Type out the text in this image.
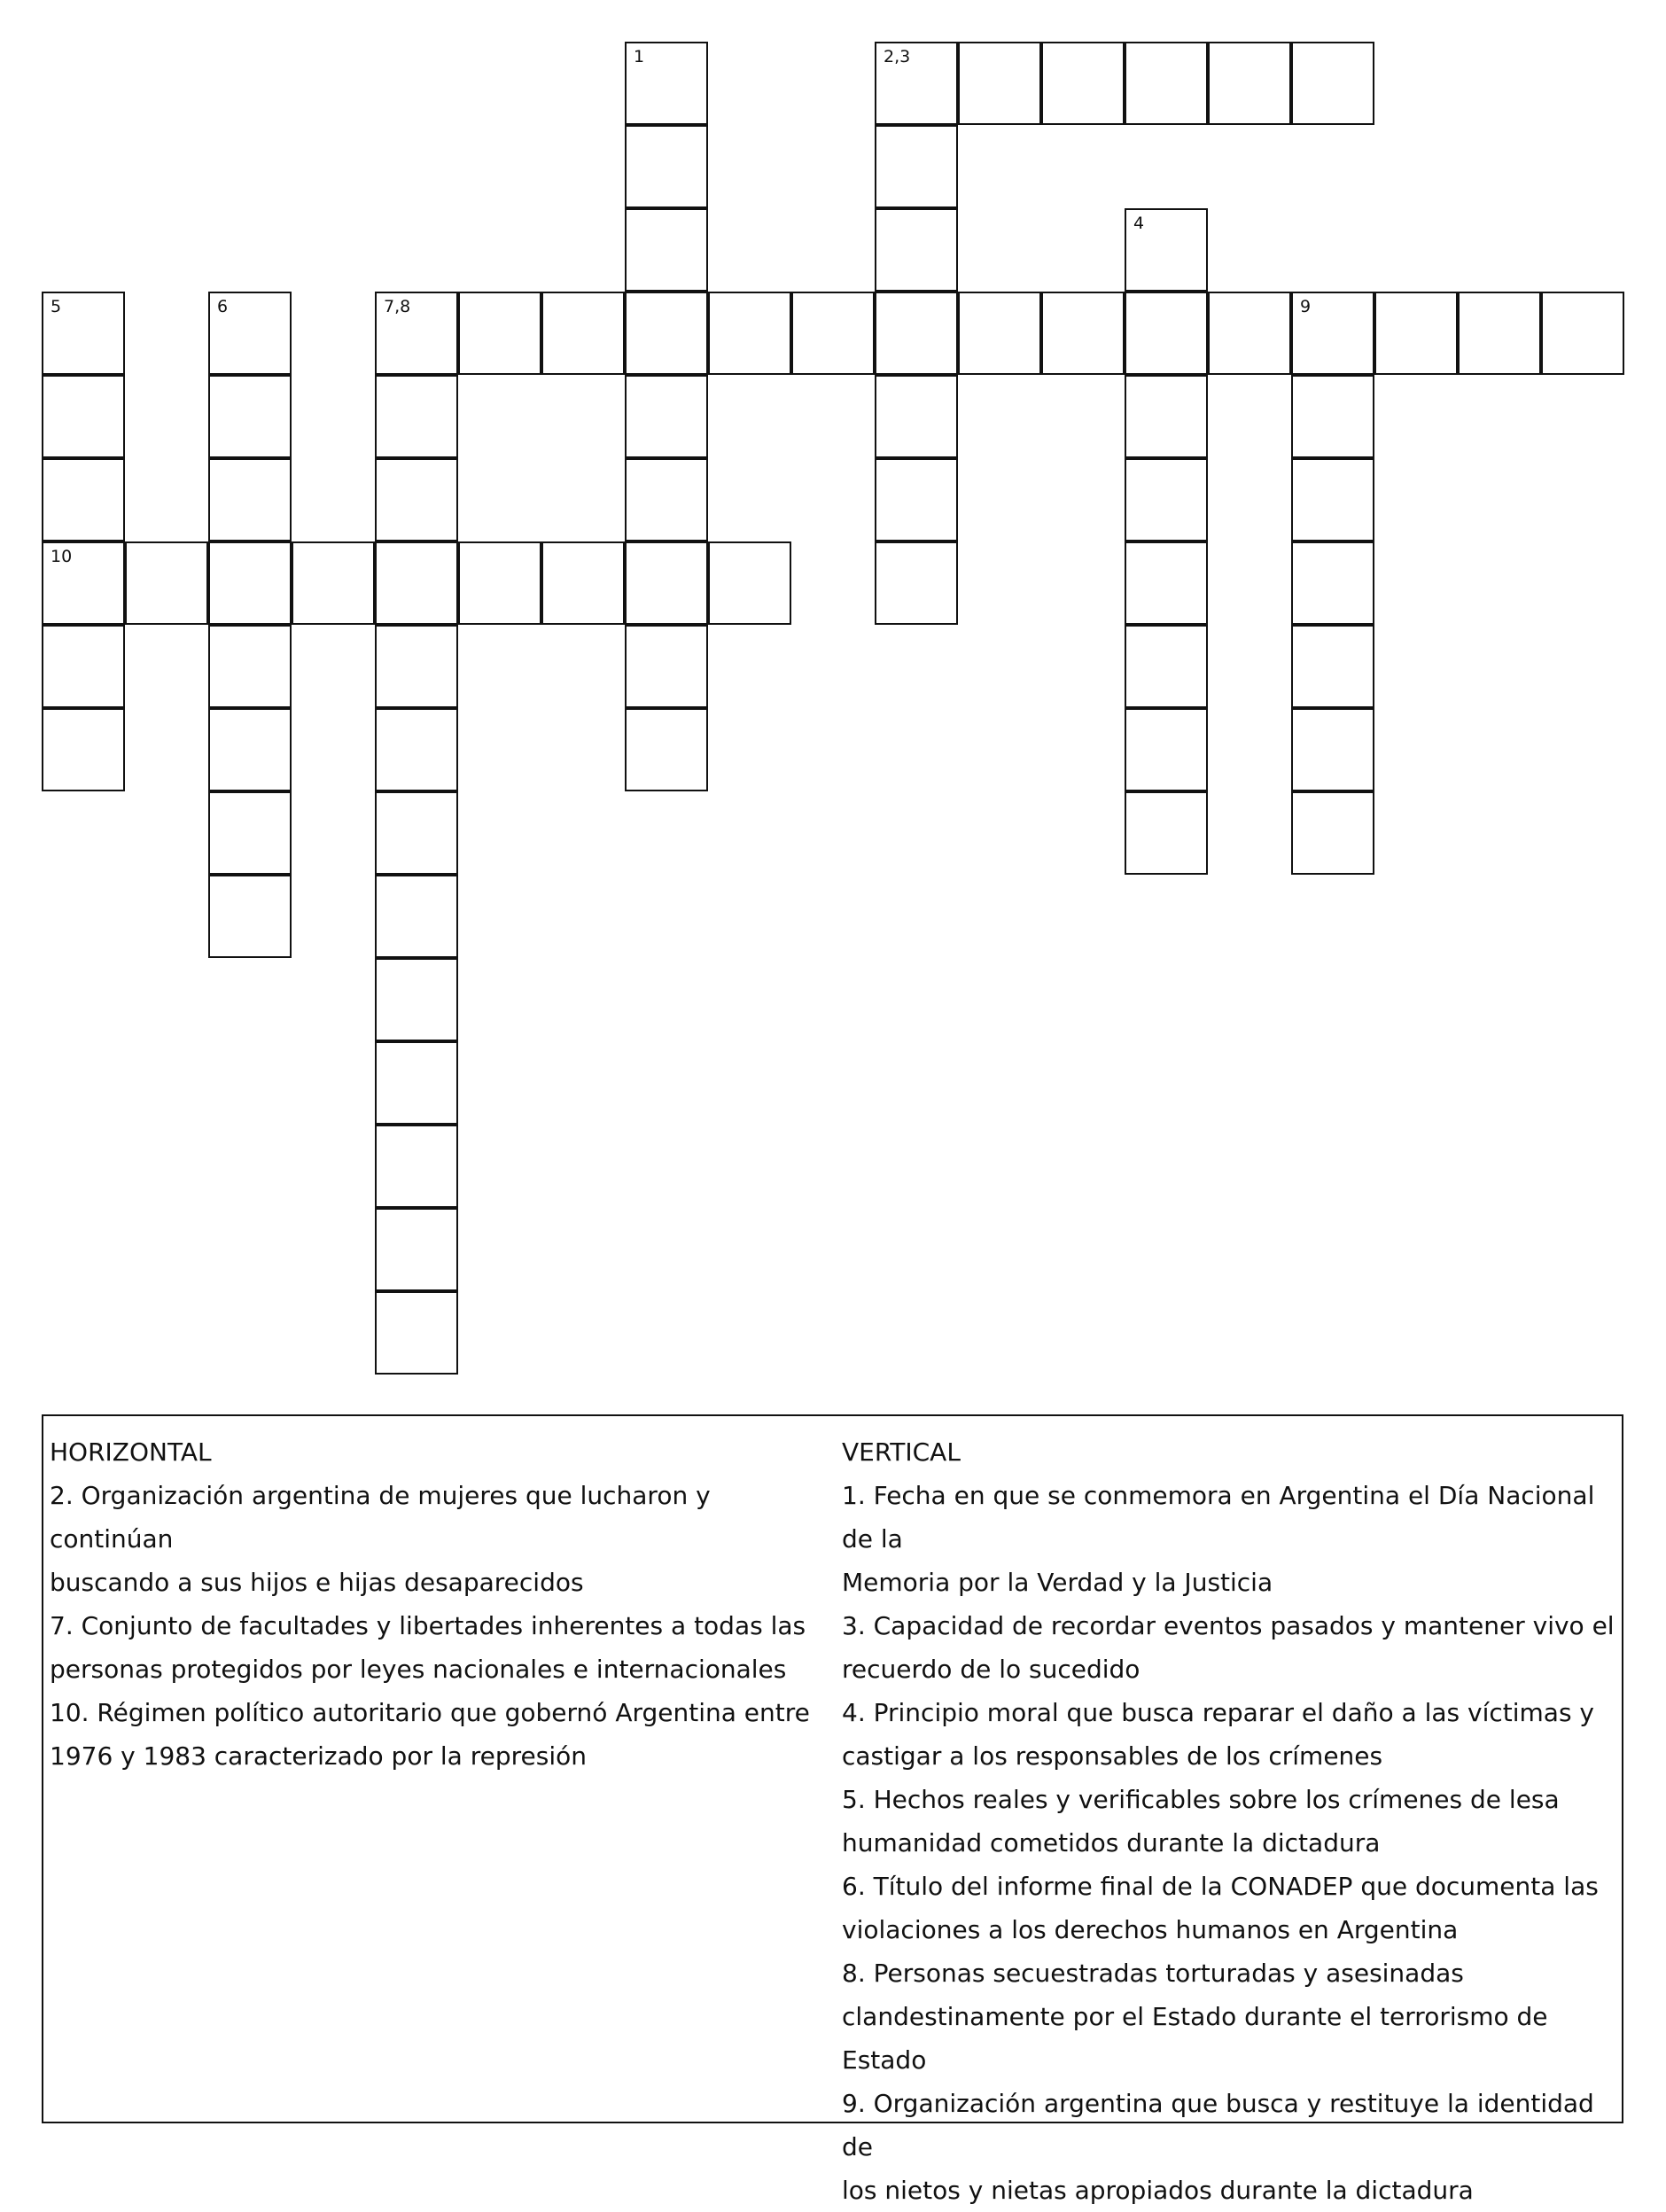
1	2,3
4
5
10
6	7,8	9
HORIZONTAL
2. Organización argentina de mujeres que lucharon y continúan
buscando a sus hijos e hijas desaparecidos
7. Conjunto de facultades y libertades inherentes a todas las
personas protegidos por leyes nacionales e internacionales
10. Régimen político autoritario que gobernó Argentina entre
1976 y 1983 caracterizado por la represión
VERTICAL
1. Fecha en que se conmemora en Argentina el Día Nacional de la
Memoria por la Verdad y la Justicia
3. Capacidad de recordar eventos pasados y mantener vivo el
recuerdo de lo sucedido
4. Principio moral que busca reparar el daño a las víctimas y
castigar a los responsables de los crímenes
5. Hechos reales y verificables sobre los crímenes de lesa
humanidad cometidos durante la dictadura
6. Título del informe final de la CONADEP que documenta las
violaciones a los derechos humanos en Argentina
8. Personas secuestradas torturadas y asesinadas
clandestinamente por el Estado durante el terrorismo de Estado
9. Organización argentina que busca y restituye la identidad de
los nietos y nietas apropiados durante la dictadura
